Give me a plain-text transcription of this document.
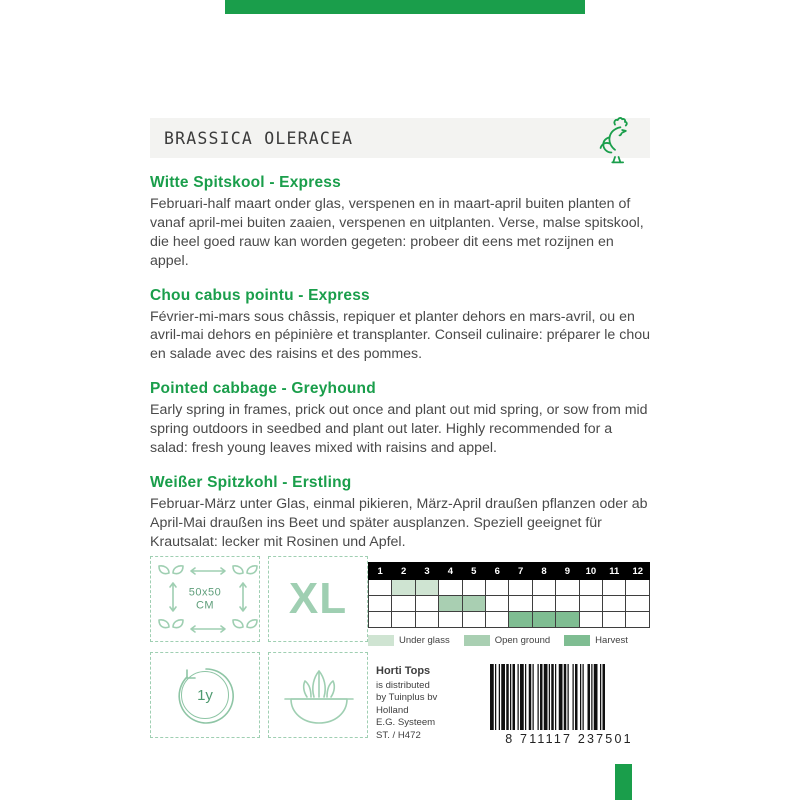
BRASSICA OLERACEA
Witte Spitskool - Express

Februari-half maart onder glas, verspenen en in maart-april buiten planten of vanaf april-mei buiten zaaien, verspenen en uitplanten. Verse, malse spitskool, die heel goed rauw kan worden gegeten: probeer dit eens met rozijnen en appel.

Chou cabus pointu - Express

Février-mi-mars sous châssis, repiquer et planter dehors en mars-avril, ou en avril-mai dehors en pépinière et transplanter. Conseil culinaire: préparer le chou en salade avec des raisins et des pommes.

Pointed cabbage - Greyhound

Early spring in frames, prick out once and plant out mid spring, or sow from mid spring outdoors in seedbed and plant out later. Highly recommended for a salad: fresh young leaves mixed with raisins and appel.

Weißer Spitzkohl - Erstling

Februar-März unter Glas, einmal pikieren, März-April draußen pflanzen oder ab April-Mai draußen ins Beet und später ausplanzen. Speziell geeignet für Krautsalat: lecker mit Rosinen und Apfel.

50x50
CM XL
1y
1	2	3	4	5	6	7	8	9	10	11	12

Under glass	Open ground	Harvest
Horti Tops
is distributed
by Tuinplus bv
Holland
E.G. Systeem
ST. / H472	8 711117 237501
